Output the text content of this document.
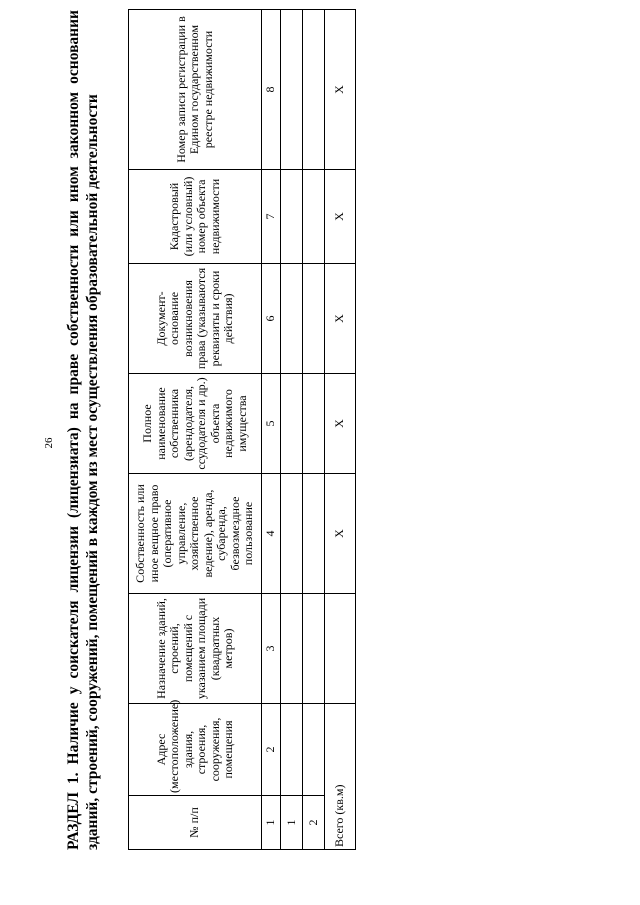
26
РАЗДЕЛ 1. Наличие у соискателя лицензии (лицензиата) на праве собственности или ином законном основании зданий, строений, сооружений, помещений в каждом из мест осуществления образовательной деятельности	№ п/п	Адрес (местоположение) здания, строения, сооружения, помещения	Назначение зданий, строений, помещений с указанием площади (квадратных метров)	Собственность или иное вещное право (оперативное управление, хозяйственное ведение), аренда, субаренда, безвозмездное пользование	Полное наименование собственника (арендодателя, ссудодателя и др.) объекта недвижимого имущества	Документ-основание возникновения права (указываются реквизиты и сроки действия)	Кадастровый (или условный) номер объекта недвижимости	Номер записи регистрации в Едином государственном реестре недвижимости
1	2	3	4	5	6	7	8
1							
2							
Всего (кв.м)			Х	Х	Х	Х	Х
